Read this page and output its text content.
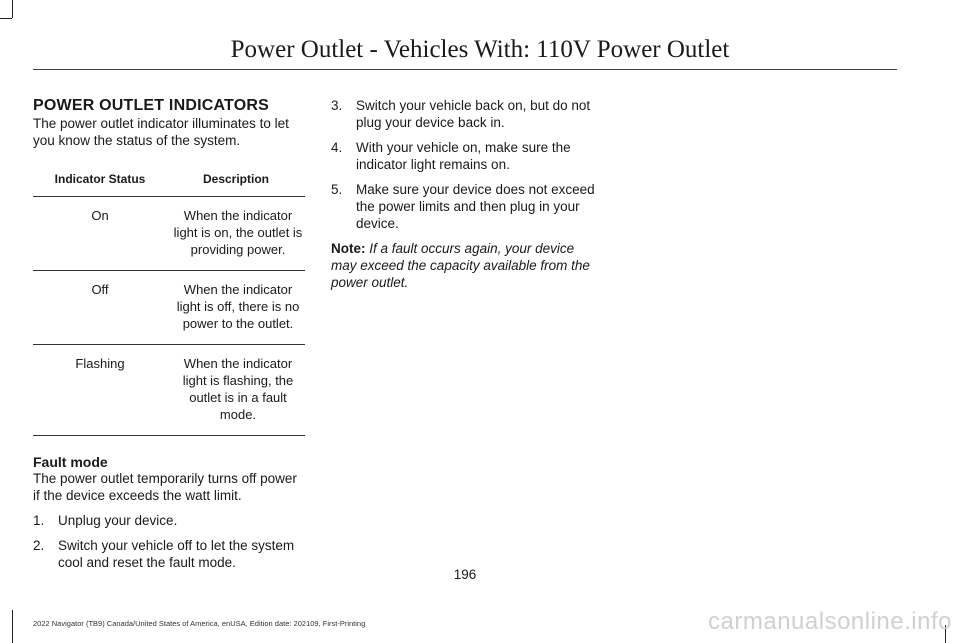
Power Outlet - Vehicles With: 110V Power Outlet
POWER OUTLET INDICATORS

The power outlet indicator illuminates to let you know the status of the system.

Indicator Status	Description
On	When the indicator light is on, the outlet is providing power.
Off	When the indicator light is off, there is no power to the outlet.
Flashing	When the indicator light is flashing, the outlet is in a fault mode.
Fault mode

The power outlet temporarily turns off power if the device exceeds the watt limit.

1. Unplug your device.
2. Switch your vehicle off to let the system cool and reset the fault mode.
3. Switch your vehicle back on, but do not plug your device back in.
4. With your vehicle on, make sure the indicator light remains on.
5. Make sure your device does not exceed the power limits and then plug in your device.

Note: If a fault occurs again, your device may exceed the capacity available from the power outlet.

196
2022 Navigator (TB9) Canada/United States of America, enUSA, Edition date: 202109, First-Printing	carmanualsonline.info
